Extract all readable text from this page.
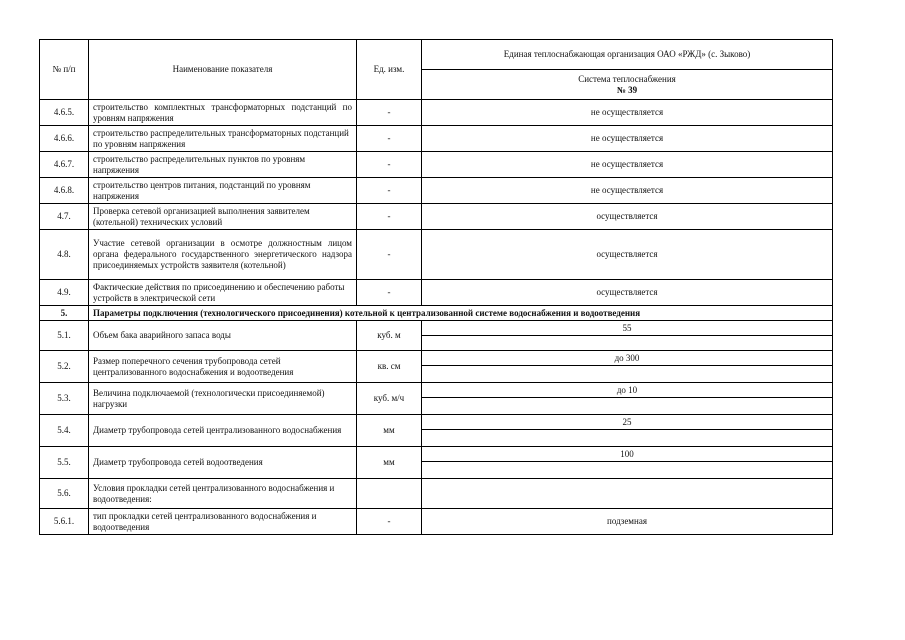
№ п/п	Наименование показателя	Ед. изм.	Единая теплоснабжающая организация ОАО «РЖД» (с. Зыково)

			Система теплоснабжения
№ 39

4.6.5.	строительство комплектных трансформаторных подстанций по уровням напряжения	-	не осуществляется
4.6.6.	строительство распределительных трансформаторных подстанций по уровням напряжения	-	не осуществляется
4.6.7.	строительство распределительных пунктов по уровням напряжения	-	не осуществляется
4.6.8.	строительство центров питания, подстанций по уровням напряжения	-	не осуществляется
4.7.	Проверка сетевой организацией выполнения заявителем (котельной) технических условий	-	осуществляется
4.8.	Участие сетевой организации в осмотре должностным лицом органа федерального государственного энергетического надзора присоединяемых устройств заявителя (котельной)	-	осуществляется
4.9.	Фактические действия по присоединению и обеспечению работы устройств в электрической сети	-	осуществляется
5.	Параметры подключения (технологического присоединения) котельной к централизованной системе водоснабжения и водоотведения		
5.1.	Объем бака аварийного запаса воды	куб. м	55

5.2.	Размер поперечного сечения трубопровода сетей централизованного водоснабжения и водоотведения	кв. см	до 300

5.3.	Величина подключаемой (технологически присоединяемой) нагрузки	куб. м/ч	до 10

5.4.	Диаметр трубопровода сетей централизованного водоснабжения	мм	25

5.5.	Диаметр трубопровода сетей водоотведения	мм	100

5.6.	Условия прокладки сетей централизованного водоснабжения и водоотведения:		
5.6.1.	тип прокладки сетей централизованного водоснабжения и водоотведения	-	подземная
